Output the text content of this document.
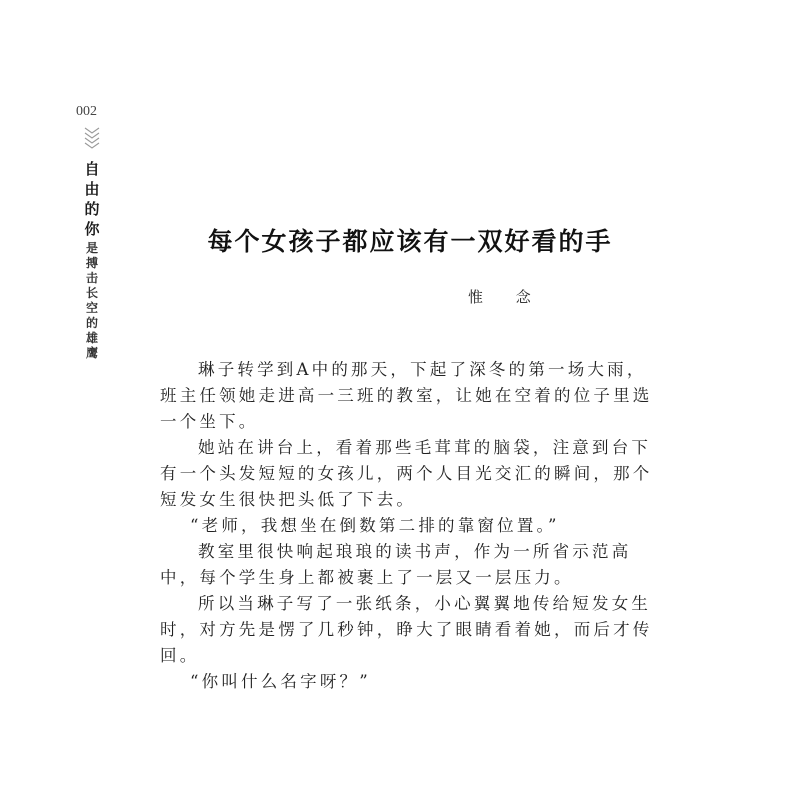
002
自
由
的
你
是
搏
击
长
空
的
雄
鹰
每个女孩子都应该有一双好看的手
惟 念
琳子转学到A中的那天，下起了深冬的第一场大雨，
班主任领她走进高一三班的教室，让她在空着的位子里选
一个坐下。
她站在讲台上，看着那些毛茸茸的脑袋，注意到台下
有一个头发短短的女孩儿，两个人目光交汇的瞬间，那个
短发女生很快把头低了下去。
“老师，我想坐在倒数第二排的靠窗位置。”
教室里很快响起琅琅的读书声，作为一所省示范高
中，每个学生身上都被裹上了一层又一层压力。
所以当琳子写了一张纸条，小心翼翼地传给短发女生
时，对方先是愣了几秒钟，睁大了眼睛看着她，而后才传
回。
“你叫什么名字呀？”
